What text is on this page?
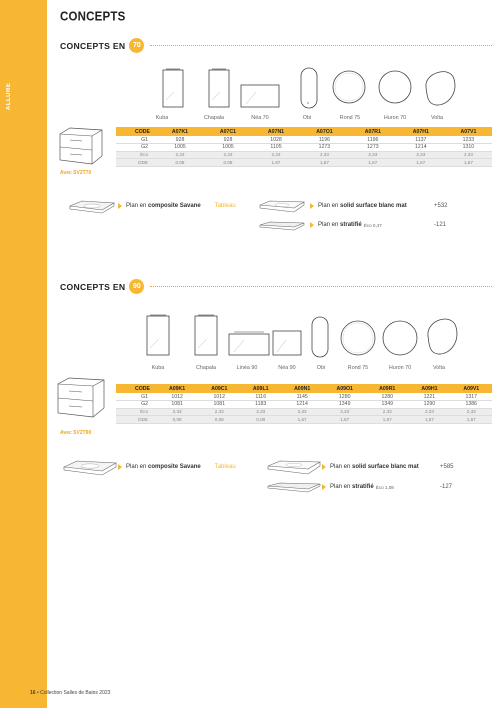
ALLURE
CONCEPTS
CONCEPTS EN	70
Kuba	Chapala	Néa 70	Obi	Rond 75	Huron 70	Volta
Avec SV2T70
CODE	A07K1	A07C1	A07N1	A07O1	A07R1	A07H1	A07V1
G1	928	928	1028	1196	1196	1137	1233
G2	1005	1005	1105	1273	1273	1214	1310
Éco	2,33	2,33	2,33	2,33	2,33	2,33	2,33
DDE	0,08	0,08	1,67	1,67	1,67	1,67	1,67
Plan en
composite Savane Tableau	Plan en
solid surface blanc mat	+532
Plan en
stratifié Éco 0,47	-121
CONCEPTS EN	90
Kuba	Chapala	Linéa 90	Néa 90	Obi	Rond 75	Huron 70	Volta
Avec SV2T90
CODE	A09K1	A09C1	A09L1	A09N1	A09O1	A09R1	A09H1	A09V1
G1	1012	1012	1116	1145	1280	1280	1221	1317
G2	1081	1081	1183	1214	1349	1349	1290	1386
Éco	2,33	2,33	2,33	2,33	2,33	2,33	2,33	2,33
DDE	0,08	0,08	0,08	1,67	1,67	1,67	1,67	1,67
Plan en
composite Savane Tableau	Plan en
solid surface blanc mat	+585
Plan en
stratifié Éco 1,08	-127
16 • Collection Salles de Bains 2023
